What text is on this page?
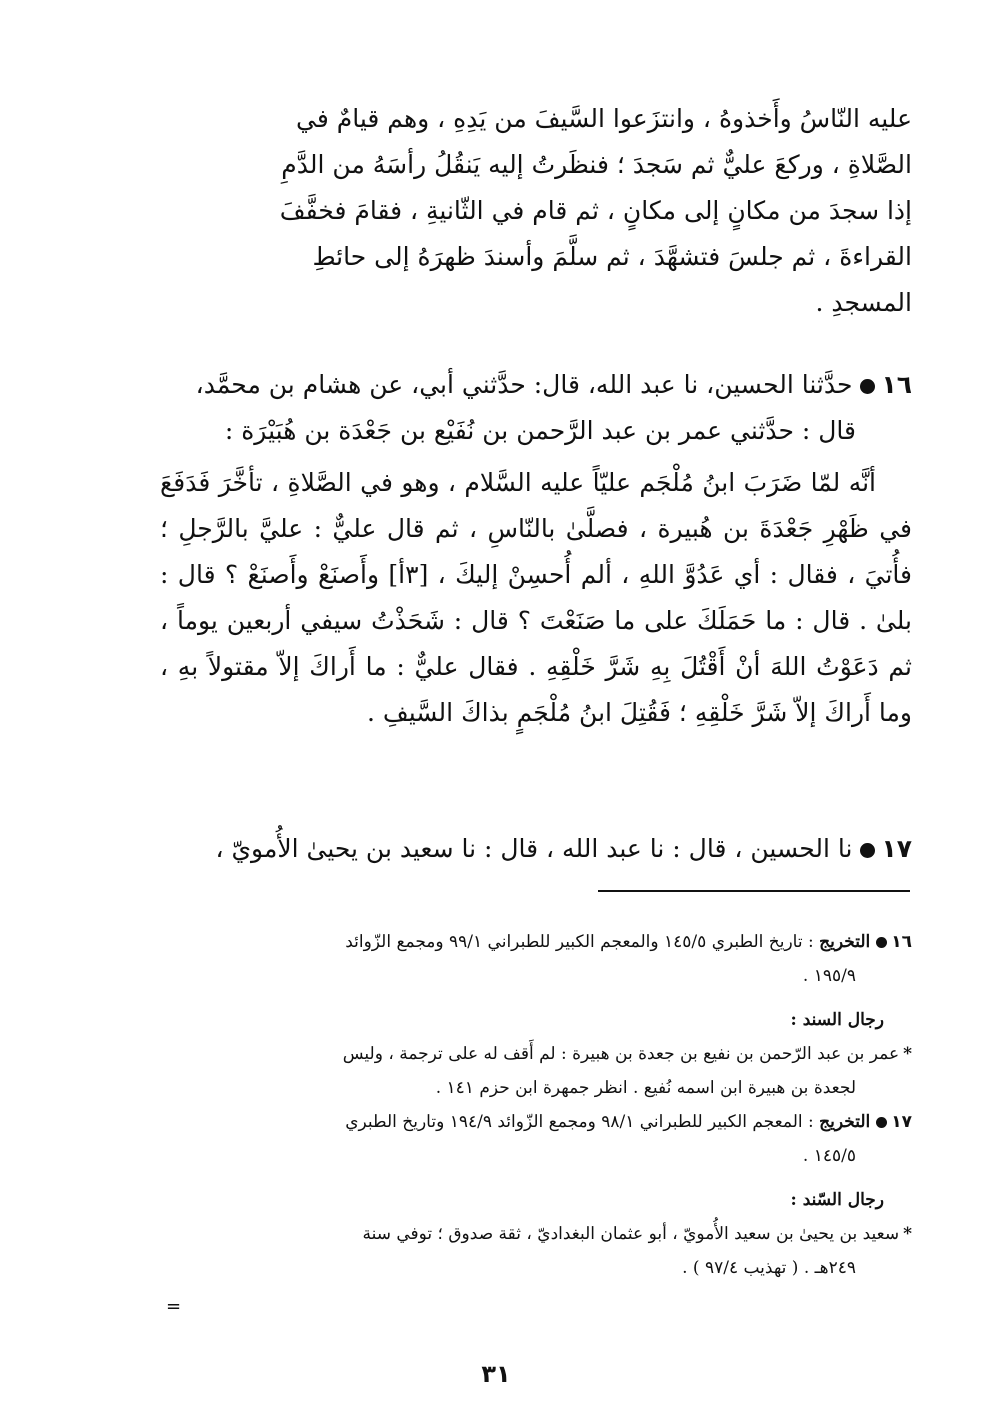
عليه النّاسُ وأَخذوهُ ، وانتزَعوا السَّيفَ من يَدِهِ ، وهم قيامٌ في

الصَّلاةِ ، وركعَ عليٌّ ثم سَجدَ ؛ فنظَرتُ إليه يَنقُلُ رأسَهُ من الدَّمِ

إذا سجدَ من مكانٍ إلى مكانٍ ، ثم قام في الثّانيةِ ، فقامَ فخفَّفَ

القراءةَ ، ثم جلسَ فتشهَّدَ ، ثم سلَّمَ وأسندَ ظهرَهُ إلى حائطِ

المسجدِ .

١٦حدَّثنا الحسين، نا عبد الله، قال: حدَّثني أبي، عن هشام بن محمَّد،

قال : حدَّثني عمر بن عبد الرَّحمن بن نُفَيْع بن جَعْدَة بن هُبَيْرَة :

أنَّه لمّا ضَرَبَ ابنُ مُلْجَم عليّاً عليه السَّلام ، وهو في الصَّلاةِ ، تأخَّرَ فَدَفَعَ في ظَهْرِ جَعْدَةَ بن هُبيرة ، فصلَّىٰ بالنّاسِ ، ثم قال عليٌّ : عليَّ بالرَّجلِ ؛ فأُتيَ ، فقال : أي عَدُوَّ اللهِ ، ألم أُحسِنْ إليكَ ، [٣أ] وأَصنَعْ وأَصنَعْ ؟ قال : بلىٰ . قال : ما حَمَلَكَ على ما صَنَعْتَ ؟ قال : شَحَذْتُ سيفي أربعين يوماً ، ثم دَعَوْتُ اللهَ أنْ أَقْتُلَ بِهِ شَرَّ خَلْقِهِ . فقال عليٌّ : ما أَراكَ إلاّ مقتولاً بهِ ، وما أَراكَ إلاّ شَرَّ خَلْقِهِ ؛ فَقُتِلَ ابنُ مُلْجَمٍ بذاكَ السَّيفِ .

١٧نا الحسين ، قال : نا عبد الله ، قال : نا سعيد بن يحيىٰ الأُمويّ ،

١٦التخريج : تاريخ الطبري ١٤٥/٥ والمعجم الكبير للطبراني ٩٩/١ ومجمع الزّوائد

١٩٥/٩ .

رجال السند :

*عمر بن عبد الرّحمن بن نفيع بن جعدة بن هبيرة : لم أَقف له على ترجمة ، وليس

لجعدة بن هبيرة ابن اسمه نُفيع . انظر جمهرة ابن حزم ١٤١ .

١٧التخريج : المعجم الكبير للطبراني ٩٨/١ ومجمع الزّوائد ١٩٤/٩ وتاريخ الطبري

١٤٥/٥ .

رجال السّند :

*سعيد بن يحيىٰ بن سعيد الأُمويّ ، أبو عثمان البغداديّ ، ثقة صدوق ؛ توفي سنة

٢٤٩هـ . ( تهذيب ٩٧/٤ ) .

=
٣١
